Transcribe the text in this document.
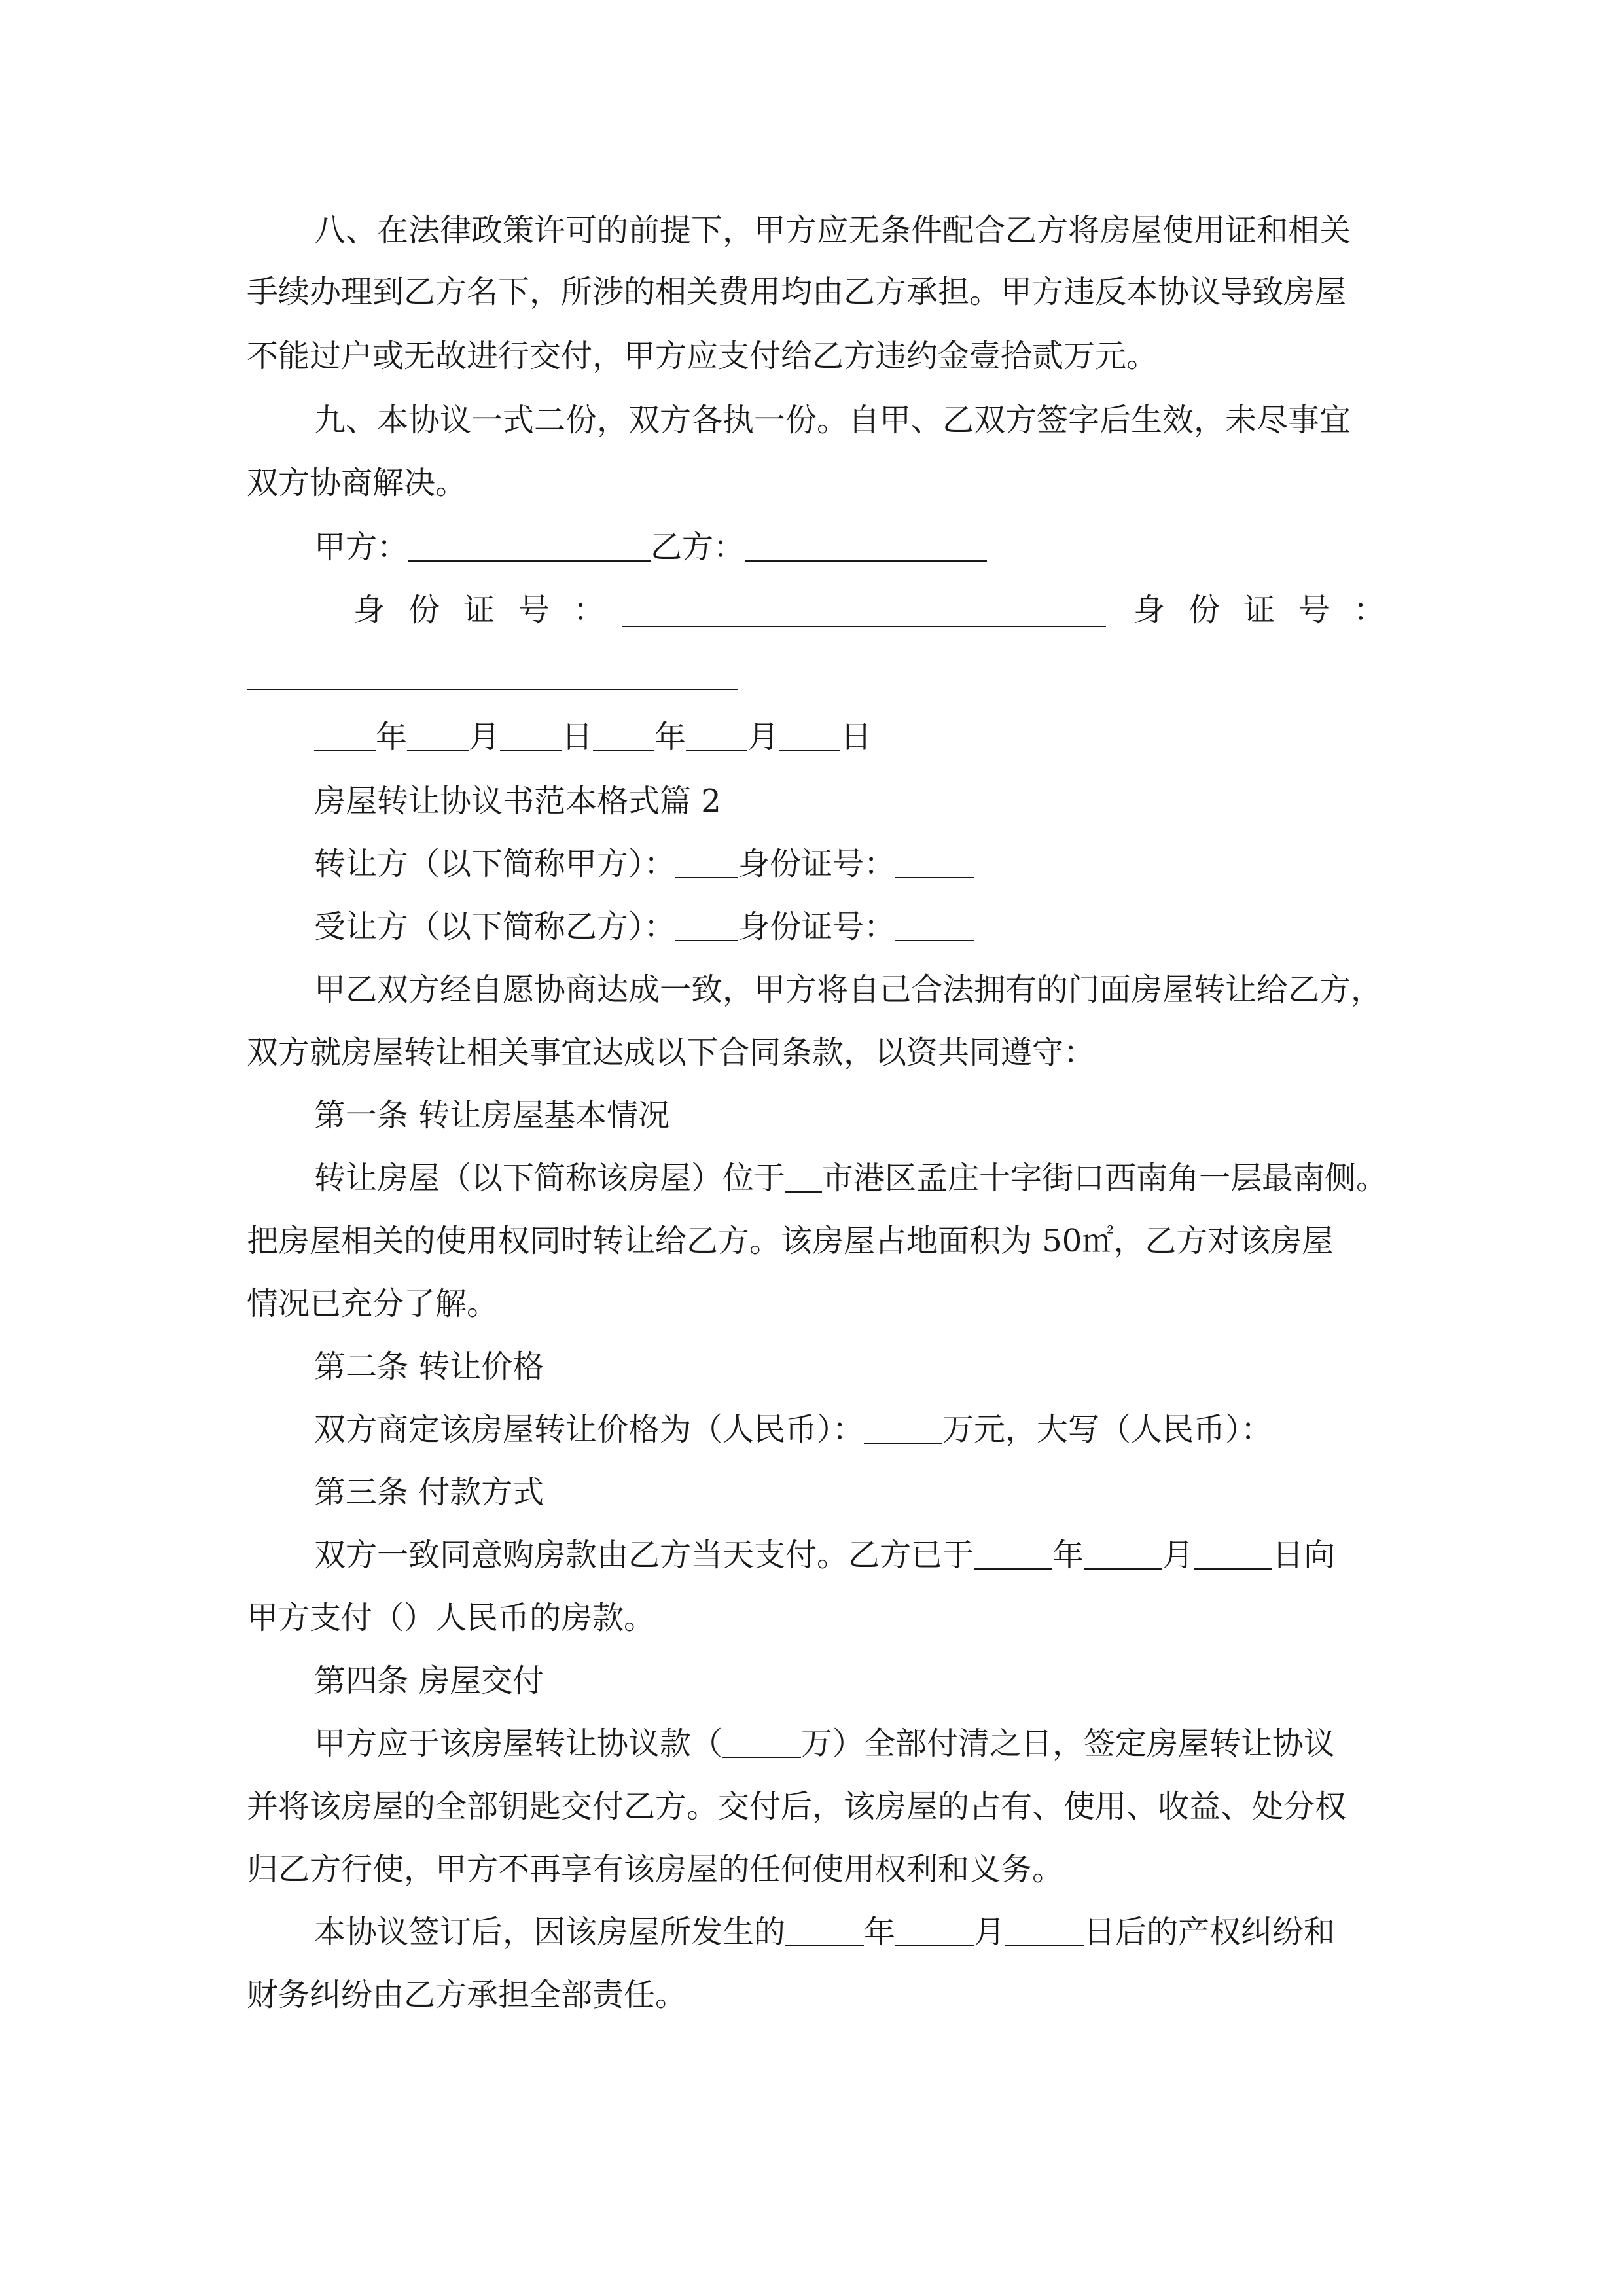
八、在法律政策许可的前提下，甲方应无条件配合乙方将房屋使用证和相关
手续办理到乙方名下，所涉的相关费用均由乙方承担。甲方违反本协议导致房屋
不能过户或无故进行交付，甲方应支付给乙方违约金壹拾贰万元。
九、本协议一式二份，双方各执一份。自甲、乙双方签字后生效，未尽事宜
双方协商解决。
甲方：	乙方：
身份证号：	身份证号：
年 月 日 年 月 日
房屋转让协议书范本格式篇 2
转让方（以下简称甲方）： 身份证号：
受让方（以下简称乙方）： 身份证号：
甲乙双方经自愿协商达成一致，甲方将自己合法拥有的门面房屋转让给乙方，
双方就房屋转让相关事宜达成以下合同条款，以资共同遵守：
第一条 转让房屋基本情况
转让房屋（以下简称该房屋）位于 市港区孟庄十字街口西南角一层最南侧。
把房屋相关的使用权同时转让给乙方。该房屋占地面积为 50㎡，乙方对该房屋
情况已充分了解。
第二条 转让价格
双方商定该房屋转让价格为（人民币）：	万元，大写（人民币）：
第三条 付款方式
双方一致同意购房款由乙方当天支付。乙方已于	年	月	日向
甲方支付（）人民币的房款。
第四条 房屋交付
甲方应于该房屋转让协议款（	万）全部付清之日，签定房屋转让协议
并将该房屋的全部钥匙交付乙方。交付后，该房屋的占有、使用、收益、处分权
归乙方行使，甲方不再享有该房屋的任何使用权利和义务。
本协议签订后，因该房屋所发生的	年	月	日后的产权纠纷和
财务纠纷由乙方承担全部责任。
